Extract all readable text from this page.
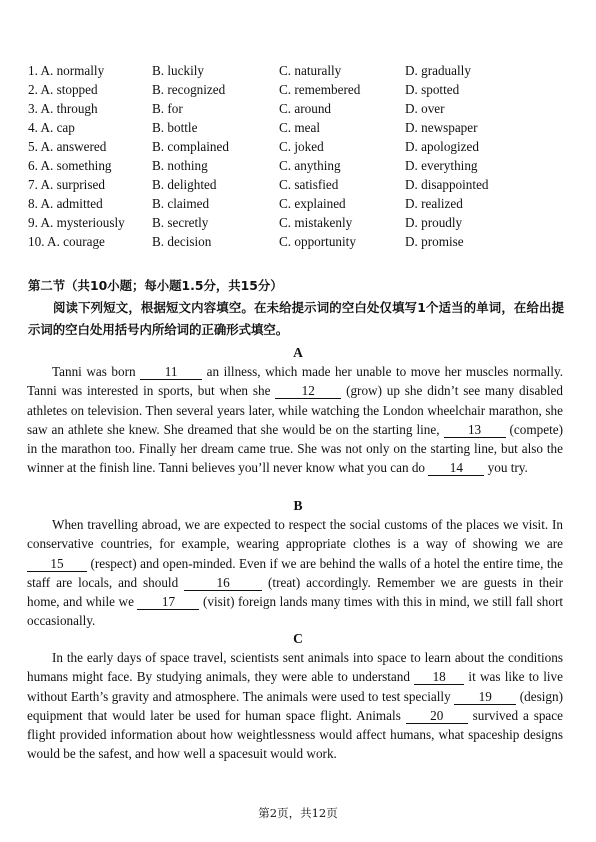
1. A. normally	B. luckily	C. naturally	D. gradually
2. A. stopped	B. recognized	C. remembered	D. spotted
3. A. through	B. for	C. around	D. over
4. A. cap	B. bottle	C. meal	D. newspaper
5. A. answered	B. complained	C. joked	D. apologized
6. A. something	B. nothing	C. anything	D. everything
7. A. surprised	B. delighted	C. satisfied	D. disappointed
8. A. admitted	B. claimed	C. explained	D. realized
9. A. mysteriously B. secretly	C. mistakenly	D. proudly
10. A. courage	B. decision	C. opportunity	D. promise
第二节（共10小题；每小题1.5分，共15分）
阅读下列短文，根据短文内容填空。在未给提示词的空白处仅填写1个适当的单词，在给出提示词的空白处用括号内所给词的正确形式填空。
A
Tanni was born 11 an illness, which made her unable to move her muscles normally. Tanni was interested in sports, but when she 12 (grow) up she didn’t see many disabled athletes on television. Then several years later, while watching the London wheelchair marathon, she saw an athlete she knew. She dreamed that she would be on the starting line, 13 (compete) in the marathon too. Finally her dream came true. She was not only on the starting line, but also the winner at the finish line. Tanni believes you’ll never know what you can do 14 you try.
B
When travelling abroad, we are expected to respect the social customs of the places we visit. In conservative countries, for example, wearing appropriate clothes is a way of showing we are 15 (respect) and open-minded. Even if we are behind the walls of a hotel the entire time, the staff are locals, and should 16 (treat) accordingly. Remember we are guests in their home, and while we 17 (visit) foreign lands many times with this in mind, we still fall short occasionally.
C
In the early days of space travel, scientists sent animals into space to learn about the conditions humans might face. By studying animals, they were able to understand 18 it was like to live without Earth’s gravity and atmosphere. The animals were used to test specially 19 (design) equipment that would later be used for human space flight. Animals 20 survived a space flight provided information about how weightlessness would affect humans, what spaceship designs would be the safest, and how well a spacesuit would work.
第2页，共12页
